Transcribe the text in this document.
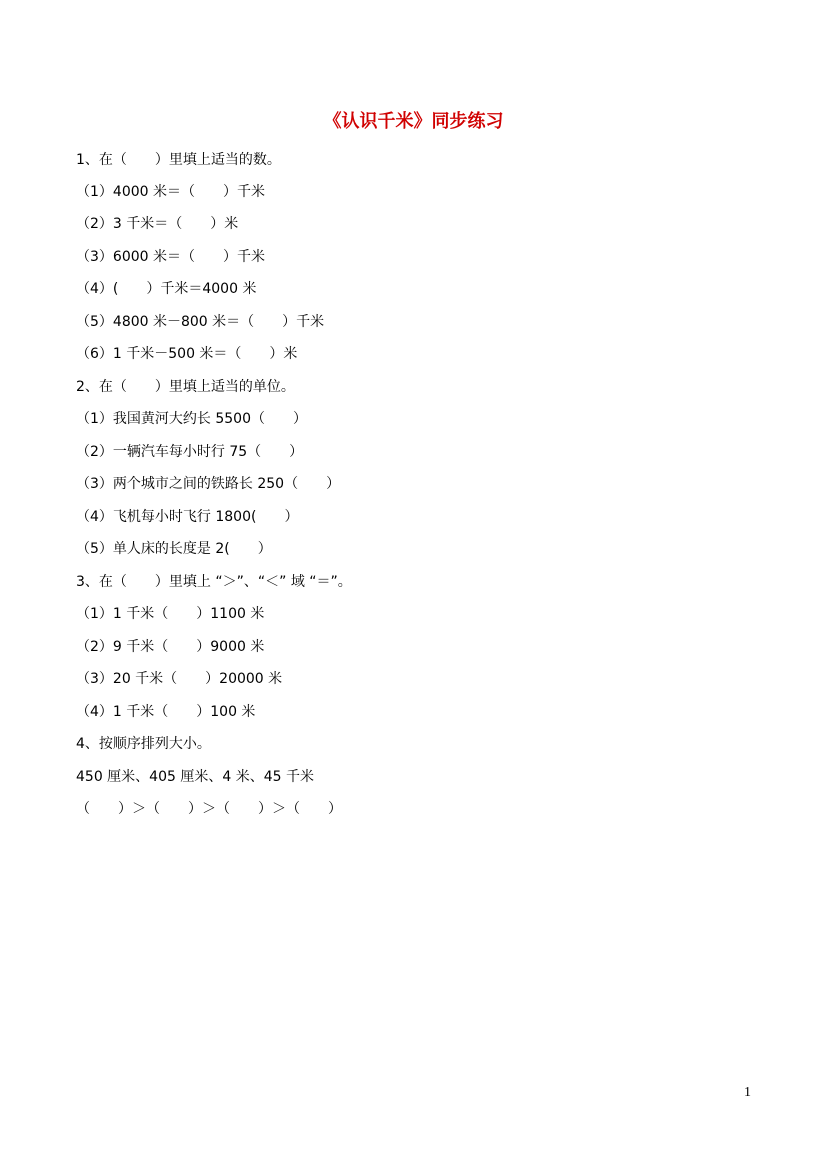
《认识千米》同步练习
1、在（　　）里填上适当的数。
（1）4000 米＝（　　）千米
（2）3 千米＝（　　）米
（3）6000 米＝（　　）千米
（4）(　　）千米＝4000 米
（5）4800 米－800 米＝（　　）千米
（6）1 千米－500 米＝（　　）米
2、在（　　）里填上适当的单位。
（1）我国黄河大约长 5500（　　）
（2）一辆汽车每小时行 75（　　）
（3）两个城市之间的铁路长 250（　　）
（4）飞机每小时飞行 1800(　　）
（5）单人床的长度是 2(　　）
3、在（　　）里填上 “＞”、“＜” 域 “＝”。
（1）1 千米（　　）1100 米
（2）9 千米（　　）9000 米
（3）20 千米（　　）20000 米
（4）1 千米（　　）100 米
4、按顺序排列大小。
450 厘米、405 厘米、4 米、45 千米
（　　）＞（　　）＞（　　）＞（　　）
1
